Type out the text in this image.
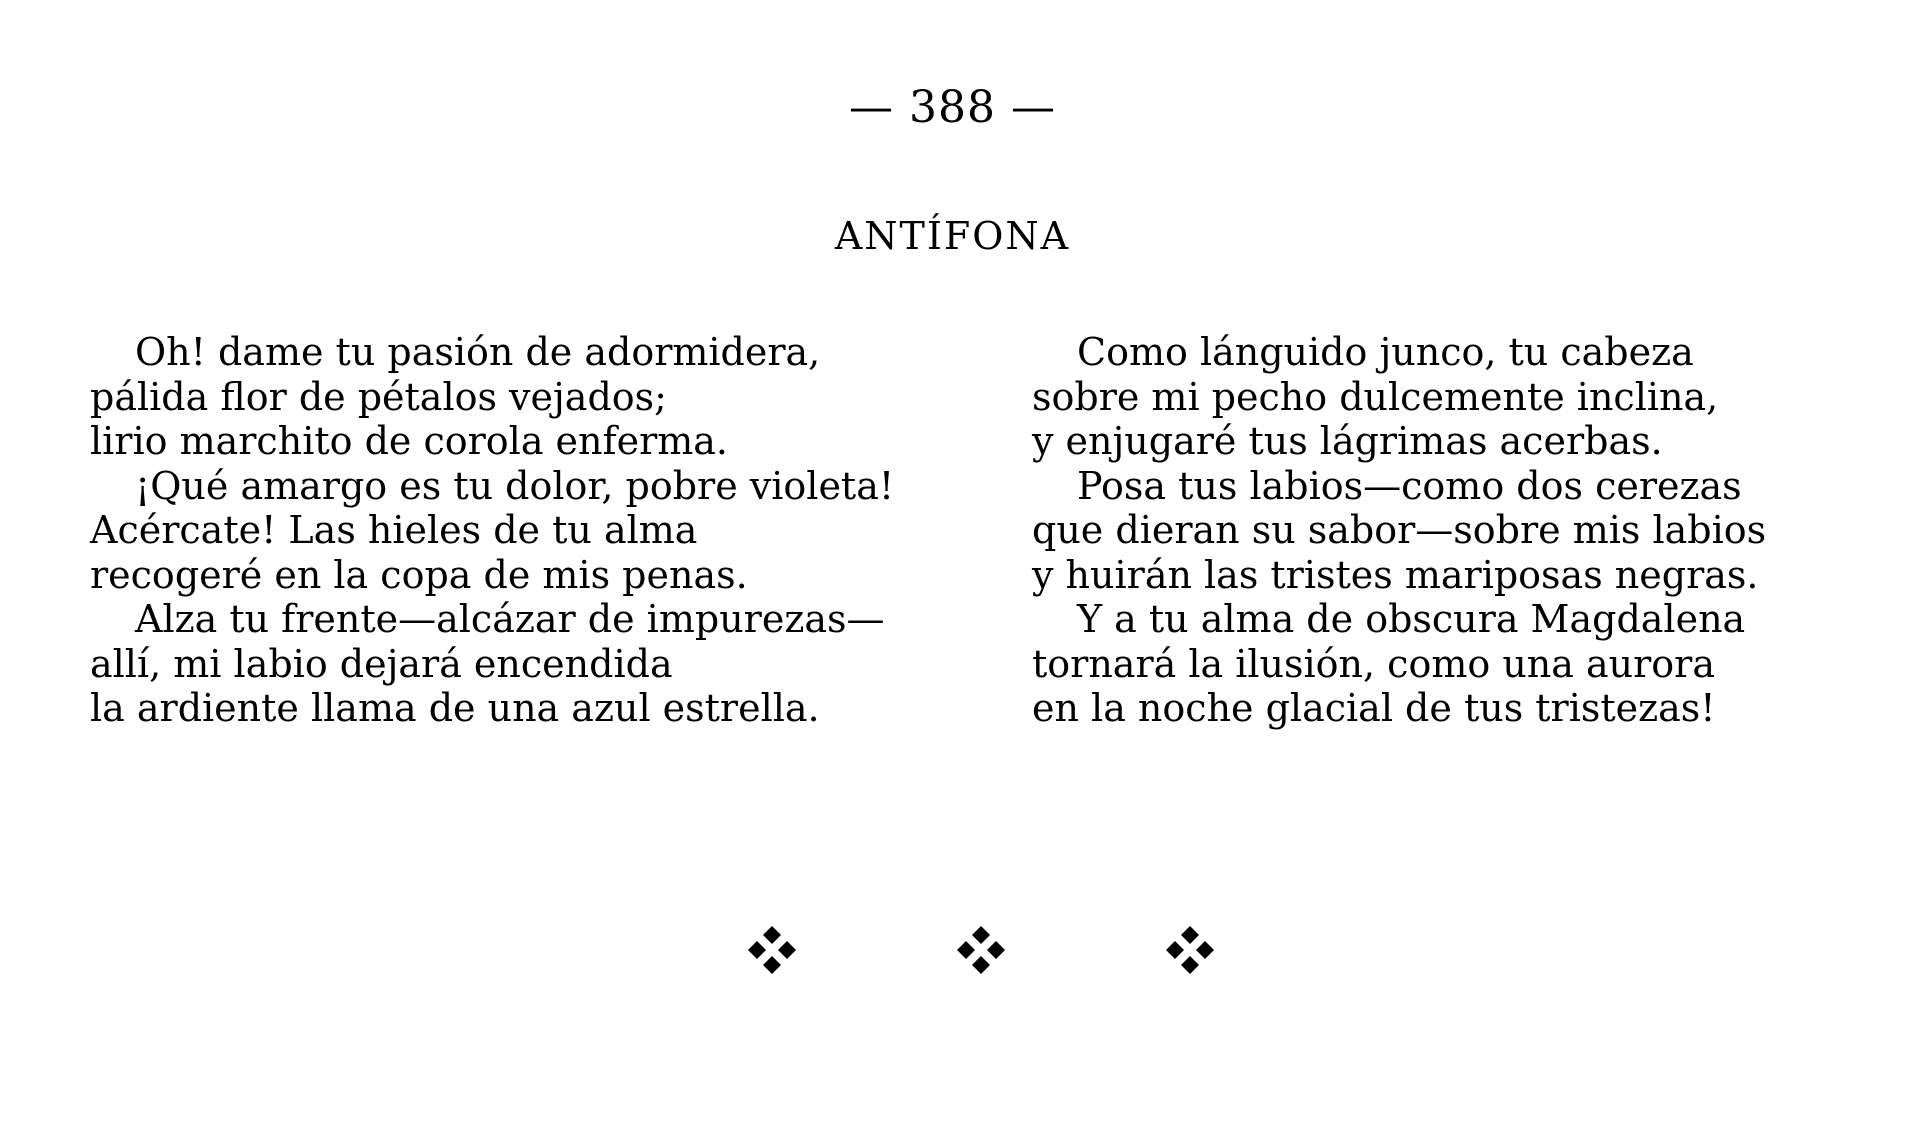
— 388 —
ANTÍFONA
Oh! dame tu pasión de adormidera,
pálida flor de pétalos vejados;
lirio marchito de corola enferma.
¡Qué amargo es tu dolor, pobre violeta!
Acércate! Las hieles de tu alma
recogeré en la copa de mis penas.
Alza tu frente—alcázar de impurezas—
allí, mi labio dejará encendida
la ardiente llama de una azul estrella.
Como lánguido junco, tu cabeza
sobre mi pecho dulcemente inclina,
y enjugaré tus lágrimas acerbas.
Posa tus labios—como dos cerezas
que dieran su sabor—sobre mis labios
y huirán las tristes mariposas negras.
Y a tu alma de obscura Magdalena
tornará la ilusión, como una aurora
en la noche glacial de tus tristezas!
